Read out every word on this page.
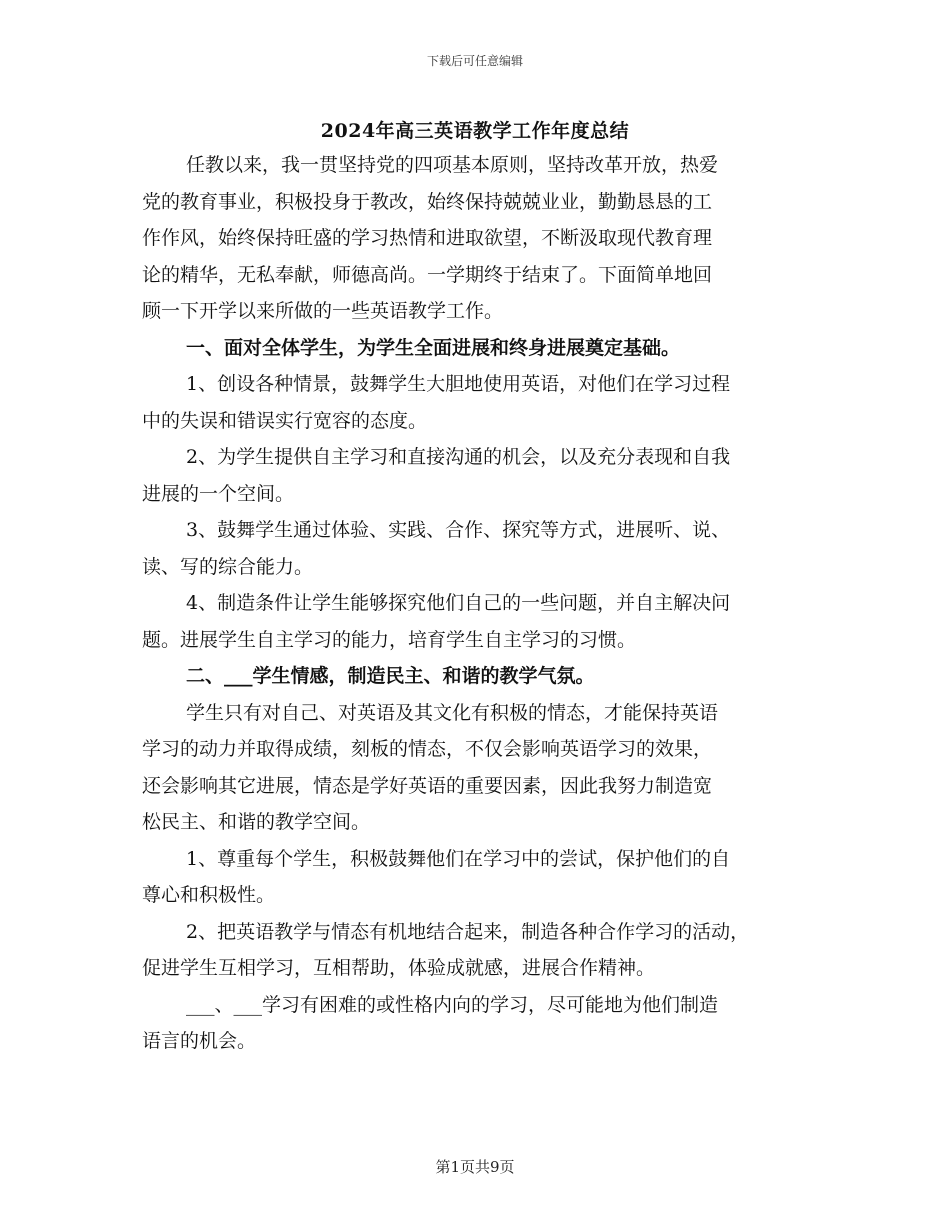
下载后可任意编辑
2024年高三英语教学工作年度总结
任教以来，我一贯坚持党的四项基本原则，坚持改革开放，热爱
党的教育事业，积极投身于教改，始终保持兢兢业业，勤勤恳恳的工
作作风，始终保持旺盛的学习热情和进取欲望，不断汲取现代教育理
论的精华，无私奉献，师德高尚。一学期终于结束了。下面简单地回
顾一下开学以来所做的一些英语教学工作。
一、面对全体学生，为学生全面进展和终身进展奠定基础。
1、创设各种情景，鼓舞学生大胆地使用英语，对他们在学习过程
中的失误和错误实行宽容的态度。
2、为学生提供自主学习和直接沟通的机会，以及充分表现和自我
进展的一个空间。
3、鼓舞学生通过体验、实践、合作、探究等方式，进展听、说、
读、写的综合能力。
4、制造条件让学生能够探究他们自己的一些问题，并自主解决问
题。进展学生自主学习的能力，培育学生自主学习的习惯。
二、___学生情感，制造民主、和谐的教学气氛。
学生只有对自己、对英语及其文化有积极的情态，才能保持英语
学习的动力并取得成绩，刻板的情态，不仅会影响英语学习的效果，
还会影响其它进展，情态是学好英语的重要因素，因此我努力制造宽
松民主、和谐的教学空间。
1、尊重每个学生，积极鼓舞他们在学习中的尝试，保护他们的自
尊心和积极性。
2、把英语教学与情态有机地结合起来，制造各种合作学习的活动，
促进学生互相学习，互相帮助，体验成就感，进展合作精神。
___、___学习有困难的或性格内向的学习，尽可能地为他们制造
语言的机会。
第1页共9页
